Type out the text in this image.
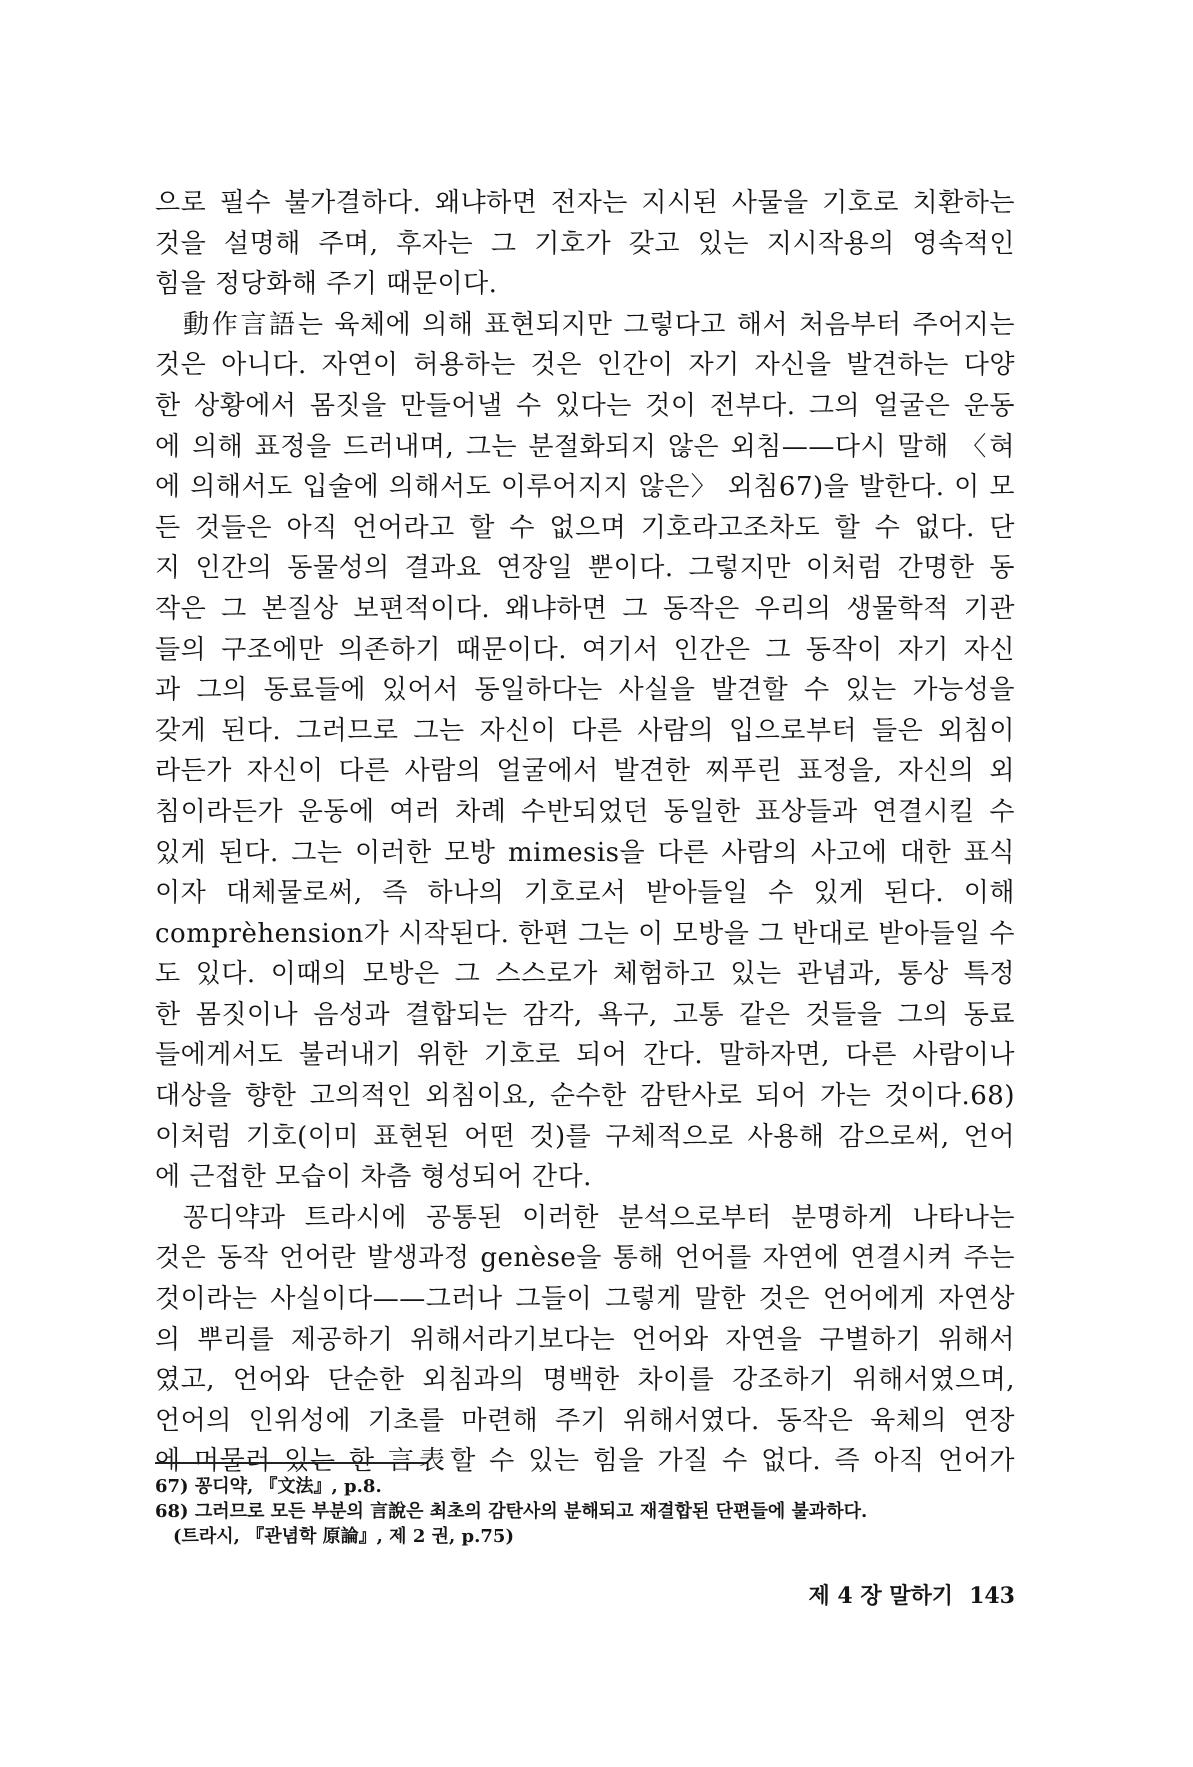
으로 필수 불가결하다. 왜냐하면 전자는 지시된 사물을 기호로 치환하는
것을 설명해 주며, 후자는 그 기호가 갖고 있는 지시작용의 영속적인
힘을 정당화해 주기 때문이다.
動作言語는 육체에 의해 표현되지만 그렇다고 해서 처음부터 주어지는
것은 아니다. 자연이 허용하는 것은 인간이 자기 자신을 발견하는 다양
한 상황에서 몸짓을 만들어낼 수 있다는 것이 전부다. 그의 얼굴은 운동
에 의해 표정을 드러내며, 그는 분절화되지 않은 외침——다시 말해 〈혀
에 의해서도 입술에 의해서도 이루어지지 않은〉 외침67)을 발한다. 이 모
든 것들은 아직 언어라고 할 수 없으며 기호라고조차도 할 수 없다. 단
지 인간의 동물성의 결과요 연장일 뿐이다. 그렇지만 이처럼 간명한 동
작은 그 본질상 보편적이다. 왜냐하면 그 동작은 우리의 생물학적 기관
들의 구조에만 의존하기 때문이다. 여기서 인간은 그 동작이 자기 자신
과 그의 동료들에 있어서 동일하다는 사실을 발견할 수 있는 가능성을
갖게 된다. 그러므로 그는 자신이 다른 사람의 입으로부터 들은 외침이
라든가 자신이 다른 사람의 얼굴에서 발견한 찌푸린 표정을, 자신의 외
침이라든가 운동에 여러 차례 수반되었던 동일한 표상들과 연결시킬 수
있게 된다. 그는 이러한 모방 mimesis을 다른 사람의 사고에 대한 표식
이자 대체물로써, 즉 하나의 기호로서 받아들일 수 있게 된다. 이해
comprèhension가 시작된다. 한편 그는 이 모방을 그 반대로 받아들일 수
도 있다. 이때의 모방은 그 스스로가 체험하고 있는 관념과, 통상 특정
한 몸짓이나 음성과 결합되는 감각, 욕구, 고통 같은 것들을 그의 동료
들에게서도 불러내기 위한 기호로 되어 간다. 말하자면, 다른 사람이나
대상을 향한 고의적인 외침이요, 순수한 감탄사로 되어 가는 것이다.68)
이처럼 기호(이미 표현된 어떤 것)를 구체적으로 사용해 감으로써, 언어
에 근접한 모습이 차츰 형성되어 간다.
꽁디약과 트라시에 공통된 이러한 분석으로부터 분명하게 나타나는
것은 동작 언어란 발생과정 genèse을 통해 언어를 자연에 연결시켜 주는
것이라는 사실이다——그러나 그들이 그렇게 말한 것은 언어에게 자연상
의 뿌리를 제공하기 위해서라기보다는 언어와 자연을 구별하기 위해서
였고, 언어와 단순한 외침과의 명백한 차이를 강조하기 위해서였으며,
언어의 인위성에 기초를 마련해 주기 위해서였다. 동작은 육체의 연장
에 머물러 있는 한 言表할 수 있는 힘을 가질 수 없다. 즉 아직 언어가
67) 꽁디약, 『文法』, p.8.
68) 그러므로 모든 부분의 言說은 최초의 감탄사의 분해되고 재결합된 단편들에 불과하다.
(트라시, 『관념학 原論』, 제 2 권, p.75)
제 4 장 말하기 143
